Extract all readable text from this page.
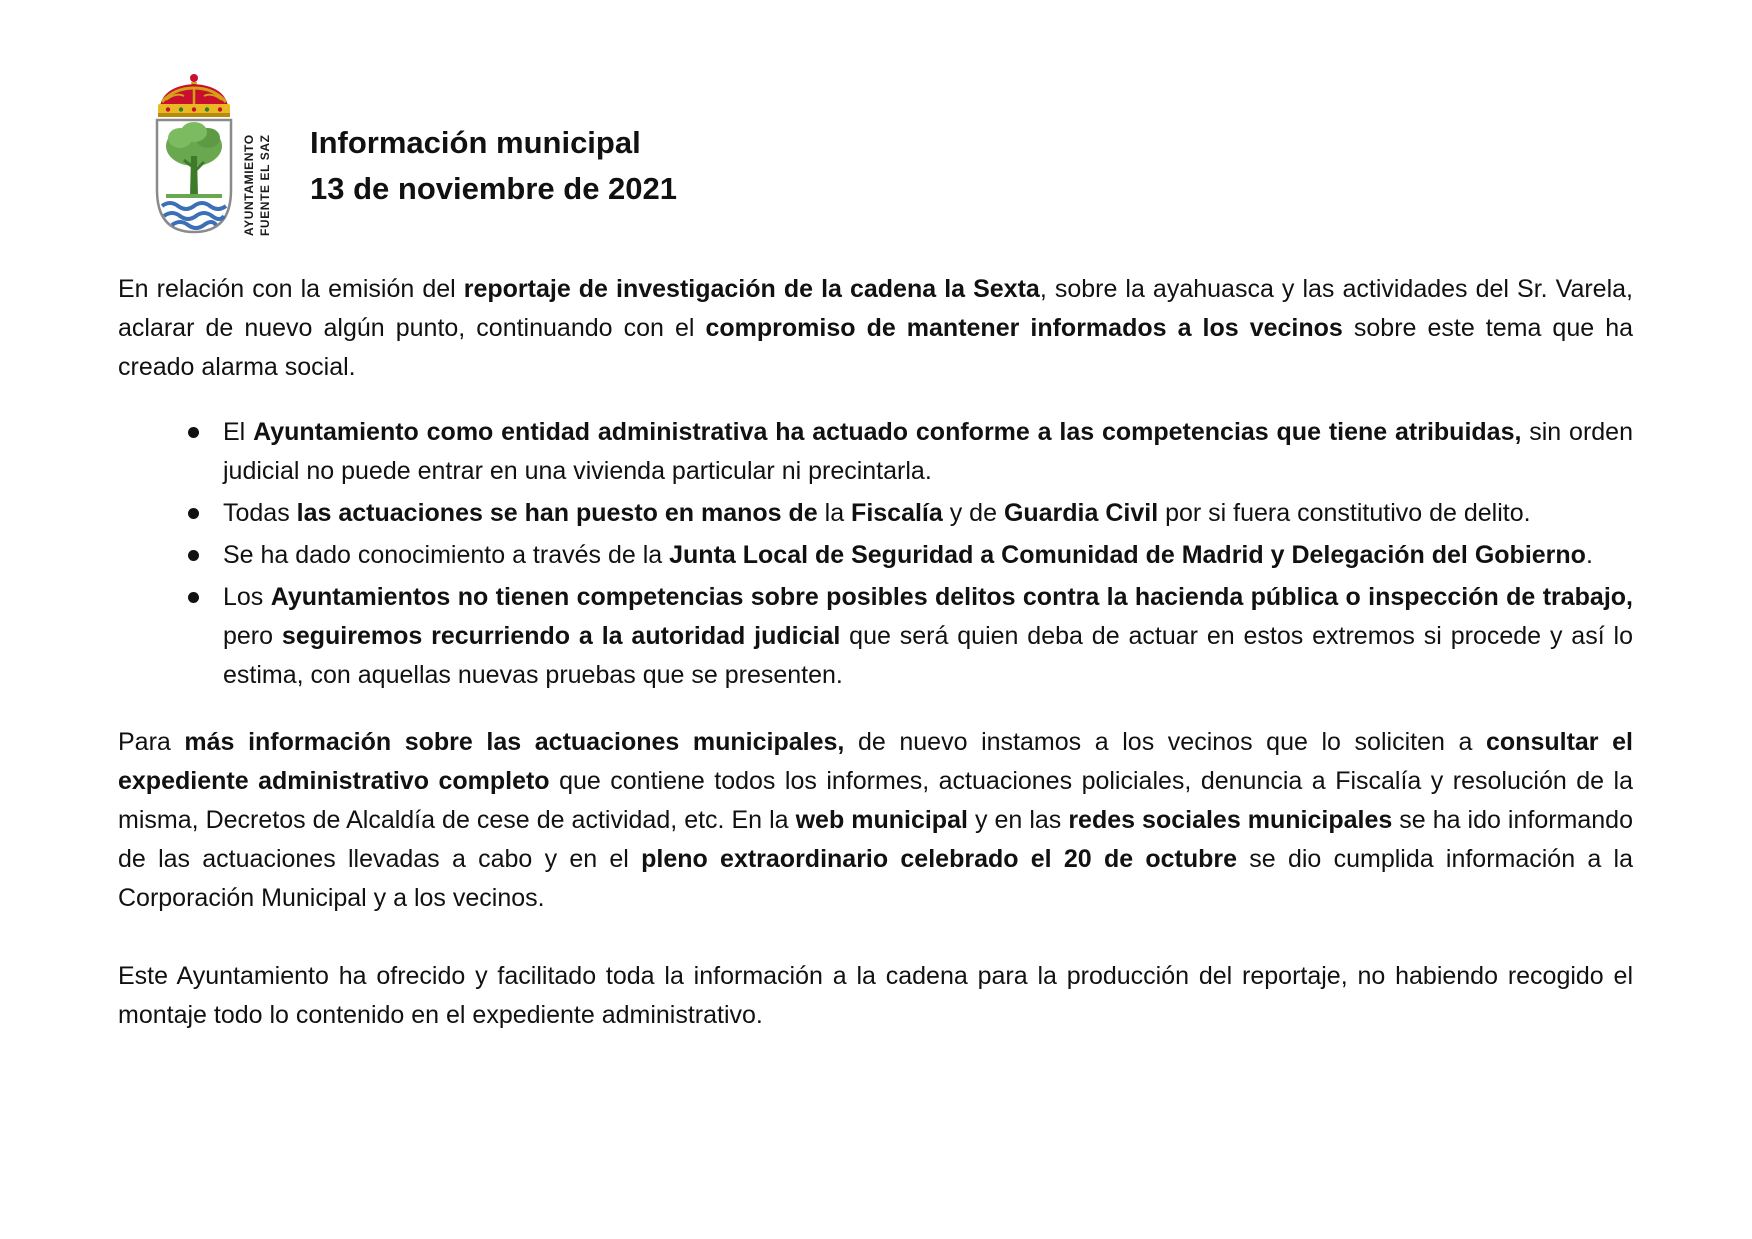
AYUNTAMIENTO FUENTE EL SAZ Información municipal
13 de noviembre de 2021

En relación con la emisión del reportaje de investigación de la cadena la Sexta, sobre la ayahuasca y las actividades del Sr. Varela, aclarar de nuevo algún punto, continuando con el compromiso de mantener informados a los vecinos sobre este tema que ha creado alarma social.

El Ayuntamiento como entidad administrativa ha actuado conforme a las competencias que tiene atribuidas, sin orden judicial no puede entrar en una vivienda particular ni precintarla.
Todas las actuaciones se han puesto en manos de la Fiscalía y de Guardia Civil por si fuera constitutivo de delito.
Se ha dado conocimiento a través de la Junta Local de Seguridad a Comunidad de Madrid y Delegación del Gobierno.
Los Ayuntamientos no tienen competencias sobre posibles delitos contra la hacienda pública o inspección de trabajo, pero seguiremos recurriendo a la autoridad judicial que será quien deba de actuar en estos extremos si procede y así lo estima, con aquellas nuevas pruebas que se presenten.

Para más información sobre las actuaciones municipales, de nuevo instamos a los vecinos que lo soliciten a consultar el expediente administrativo completo que contiene todos los informes, actuaciones policiales, denuncia a Fiscalía y resolución de la misma, Decretos de Alcaldía de cese de actividad, etc. En la web municipal y en las redes sociales municipales se ha ido informando de las actuaciones llevadas a cabo y en el pleno extraordinario celebrado el 20 de octubre se dio cumplida información a la Corporación Municipal y a los vecinos.

Este Ayuntamiento ha ofrecido y facilitado toda la información a la cadena para la producción del reportaje, no habiendo recogido el montaje todo lo contenido en el expediente administrativo.
